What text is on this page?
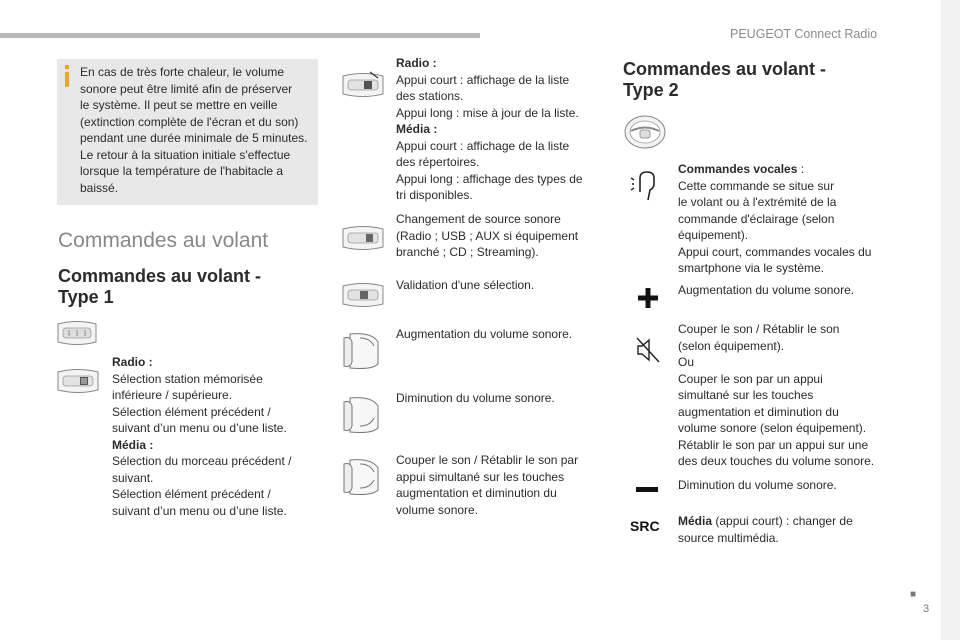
PEUGEOT Connect Radio
■
3
En cas de très forte chaleur, le volume
sonore peut être limité afin de préserver
le système. Il peut se mettre en veille
(extinction complète de l'écran et du son)
pendant une durée minimale de 5 minutes.
Le retour à la situation initiale s'effectue
lorsque la température de l'habitacle a
baissé.
Commandes au volant
Commandes au volant -
Type 1
Radio :
Sélection station mémorisée
inférieure / supérieure.
Sélection élément précédent /
suivant d’un menu ou d’une liste.
Média :
Sélection du morceau précédent /
suivant.
Sélection élément précédent /
suivant d’un menu ou d’une liste.
Radio :
Appui court : affichage de la liste
des stations.
Appui long : mise à jour de la liste.
Média :
Appui court : affichage de la liste
des répertoires.
Appui long : affichage des types de
tri disponibles.
Changement de source sonore
(Radio ; USB ; AUX si équipement
branché ; CD ; Streaming).
Validation d'une sélection.
Augmentation du volume sonore.
Diminution du volume sonore.
Couper le son / Rétablir le son par
appui simultané sur les touches
augmentation et diminution du
volume sonore.
Commandes au volant -
Type 2
Commandes vocales :
Cette commande se situe sur
le volant ou à l'extrémité de la
commande d'éclairage (selon
équipement).
Appui court, commandes vocales du
smartphone via le système.
Augmentation du volume sonore.
Couper le son / Rétablir le son
(selon équipement).
Ou
Couper le son par un appui
simultané sur les touches
augmentation et diminution du
volume sonore (selon équipement).
Rétablir le son par un appui sur une
des deux touches du volume sonore.
Diminution du volume sonore.
SRC Média (appui court) : changer de
source multimédia.
